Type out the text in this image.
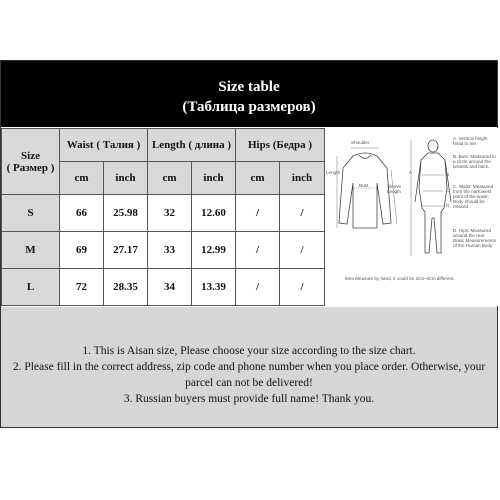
Size table
(Таблица размеров)
Size
( Размер )	Waist ( Талия )		Length ( длина )		Hips (Бедра )	
	cm	inch	cm	inch	cm	inch
S	66	25.98	32	12.60	/	/
M	69	27.17	33	12.99	/	/
L	72	28.35	34	13.39	/	/
Shoulder
Length
Sleeve Length
Bust
A	B
C
D
A. Vertical height head to toe.
B. Bust: Measured in a circle around the breasts and back.
C. Waist: Measured from the narrowest point of the waist. Body should be relaxed.
D. Hips: Measured around the rear. Basic Measurements of the Human Body
Item Measure by hand, it could be 2cm~3cm different.
1. This is Aisan size, Please choose your size according to the size chart.
2. Please fill in the correct address, zip code and phone number when you place order. Otherwise, your
parcel can not be delivered!
3. Russian buyers must provide full name! Thank you.
